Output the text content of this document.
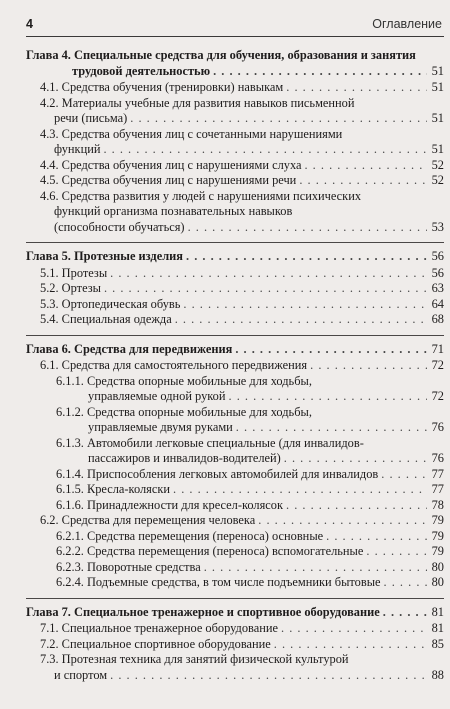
4	Оглавление
Глава 4. Специальные средства для обучения, образования и занятия
трудовой деятельностью . . .	51
4.1. Средства обучения (тренировки) навыкам . . .	51
4.2. Материалы учебные для развития навыков письменной
речи (письма) . . .	51
4.3. Средства обучения лиц с сочетанными нарушениями
функций . . .	51
4.4. Средства обучения лиц с нарушениями слуха . . .	52
4.5. Средства обучения лиц с нарушениями речи . . .	52
4.6. Средства развития у людей с нарушениями психических
функций организма познавательных навыков
(способности обучаться) . . .	53
Глава 5. Протезные изделия . . .	56
5.1. Протезы . . .	56
5.2. Ортезы . . .	63
5.3. Ортопедическая обувь . . .	64
5.4. Специальная одежда . . .	68
Глава 6. Средства для передвижения . . .	71
6.1. Средства для самостоятельного передвижения . . .	72
6.1.1. Средства опорные мобильные для ходьбы,
управляемые одной рукой . . .	72
6.1.2. Средства опорные мобильные для ходьбы,
управляемые двумя руками . . .	76
6.1.3. Автомобили легковые специальные (для инвалидов-
пассажиров и инвалидов-водителей) . . .	76
6.1.4. Приспособления легковых автомобилей для инвалидов . . .	77
6.1.5. Кресла-коляски . . .	77
6.1.6. Принадлежности для кресел-колясок . . .	78
6.2. Средства для перемещения человека . . .	79
6.2.1. Средства перемещения (переноса) основные . . .	79
6.2.2. Средства перемещения (переноса) вспомогательные . . .	79
6.2.3. Поворотные средства . . .	80
6.2.4. Подъемные средства, в том числе подъемники бытовые . . .	80
Глава 7. Специальное тренажерное и спортивное оборудование . . .	81
7.1. Специальное тренажерное оборудование . . .	81
7.2. Специальное спортивное оборудование . . .	85
7.3. Протезная техника для занятий физической культурой
и спортом . . .	88
